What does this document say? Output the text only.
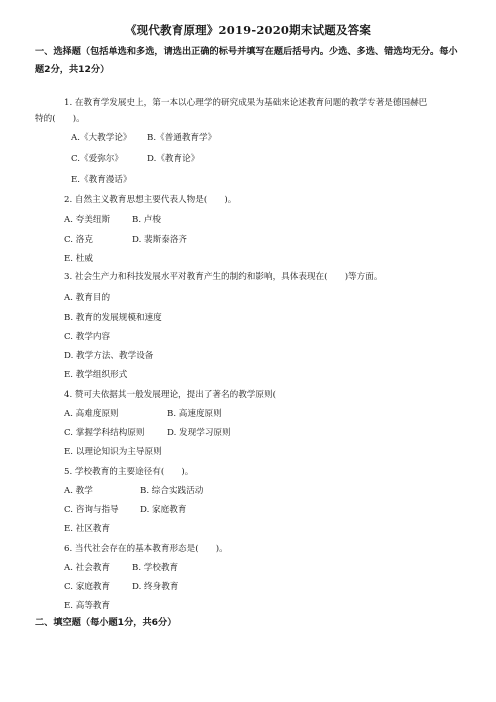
《现代教育原理》2019-2020期末试题及答案
一、选择题（包括单选和多选，请选出正确的标号并填写在题后括号内。少选、多选、错选均无分。每小
题2分，共12分）
1. 在教育学发展史上，第一本以心理学的研究成果为基础来论述教育问题的教学专著是德国赫巴
特的(　　)。
A.《大教学论》 B.《普通教育学》
C.《爱弥尔》	D.《教育论》
E.《教育漫话》
2. 自然主义教育思想主要代表人物是(　　)。
A. 夸美纽斯	B. 卢梭
C. 洛克	D. 裴斯泰洛齐
E. 杜威
3. 社会生产力和科技发展水平对教育产生的制约和影响，具体表现在(　　)等方面。
A. 教育目的
B. 教育的发展规模和速度
C. 教学内容
D. 教学方法、教学设备
E. 教学组织形式
4. 赞可夫依据其一般发展理论，提出了著名的教学原则(
A. 高难度原则	B. 高速度原则
C. 掌握学科结构原则	D. 发现学习原则
E. 以理论知识为主导原则
5. 学校教育的主要途径有(　　)。
A. 教学	B. 综合实践活动
C. 咨询与指导 D. 家庭教育
E. 社区教育
6. 当代社会存在的基本教育形态是(　　)。
A. 社会教育	B. 学校教育
C. 家庭教育	D. 终身教育
E. 高等教育
二、填空题（每小题1分，共6分）
